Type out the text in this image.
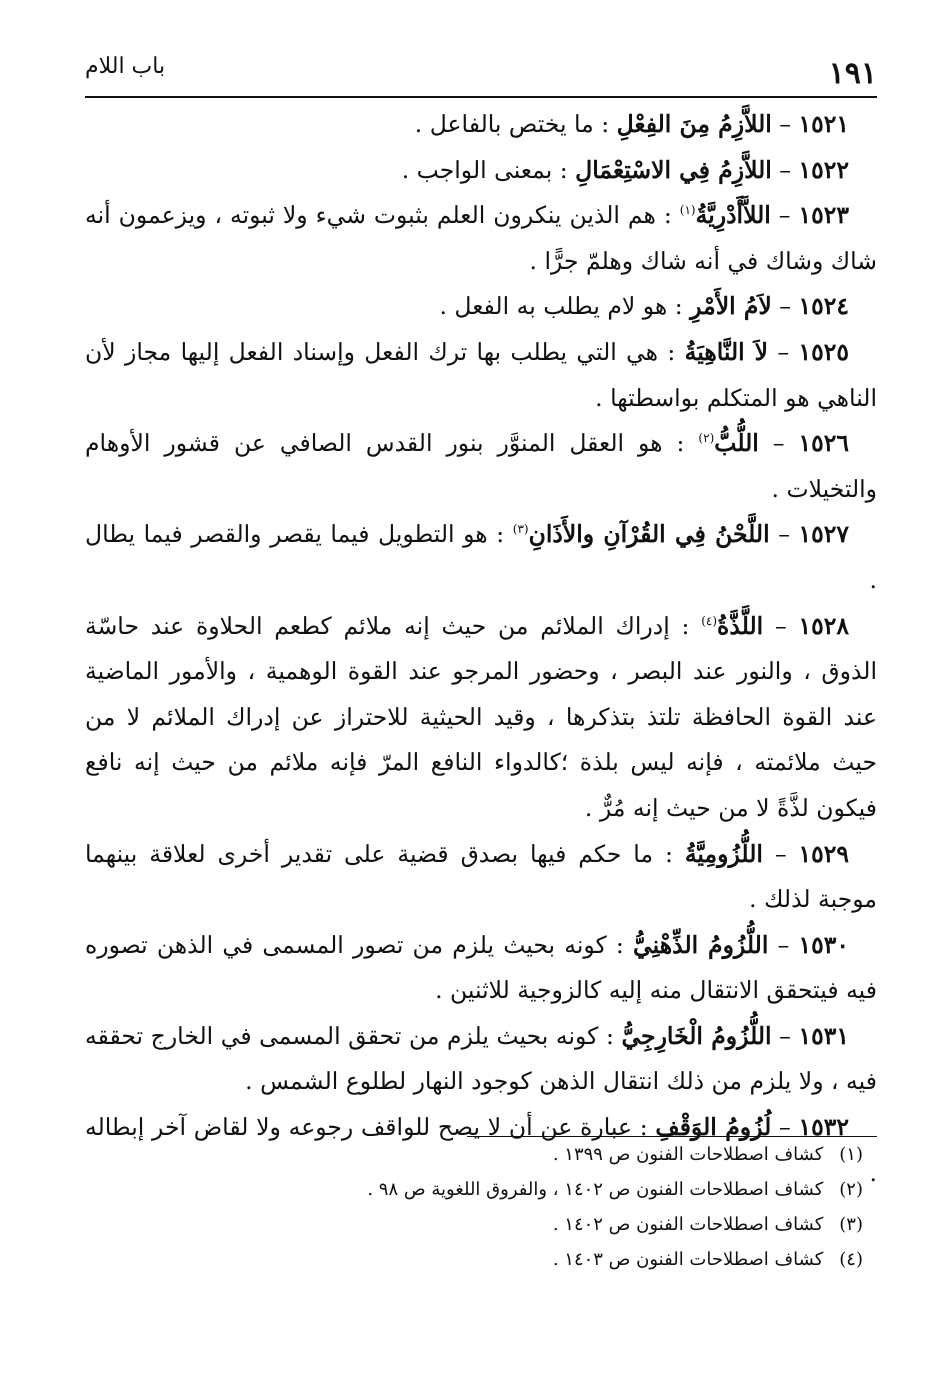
١٩١
باب اللام

١٥٢١ – اللاَّزِمُ مِنَ الفِعْلِ : ما يختص بالفاعل .

١٥٢٢ – اللاَّزِمُ فِي الاسْتِعْمَالِ : بمعنى الواجب .

١٥٢٣ – اللاَّأَدْرِيَّةُ$^{(١)}$ : هم الذين ينكرون العلم بثبوت شيء ولا ثبوته ، ويزعمون أنه شاك وشاك في أنه شاك وهلمّ جرًّا .

١٥٢٤ – لاَمُ الأَمْرِ : هو لام يطلب به الفعل .

١٥٢٥ – لاَ النَّاهِيَةُ : هي التي يطلب بها ترك الفعل وإسناد الفعل إليها مجاز لأن الناهي هو المتكلم بواسطتها .

١٥٢٦ – اللُّبُّ$^{(٢)}$ : هو العقل المنوَّر بنور القدس الصافي عن قشور الأوهام والتخيلات .

١٥٢٧ – اللَّحْنُ فِي القُرْآنِ والأَذَانِ$^{(٣)}$ : هو التطويل فيما يقصر والقصر فيما يطال .

١٥٢٨ – اللَّذَّةُ$^{(٤)}$ : إدراك الملائم من حيث إنه ملائم كطعم الحلاوة عند حاسّة الذوق ، والنور عند البصر ، وحضور المرجو عند القوة الوهمية ، والأمور الماضية عند القوة الحافظة تلتذ بتذكرها ، وقيد الحيثية للاحتراز عن إدراك الملائم لا من حيث ملائمته ، فإنه ليس بلذة ؛كالدواء النافع المرّ فإنه ملائم من حيث إنه نافع فيكون لذَّةً لا من حيث إنه مُرٌّ .

١٥٢٩ – اللُّزُومِيَّةُ : ما حكم فيها بصدق قضية على تقدير أخرى لعلاقة بينهما موجبة لذلك .

١٥٣٠ – اللُّزُومُ الذِّهْنِيُّ : كونه بحيث يلزم من تصور المسمى في الذهن تصوره فيه فيتحقق الانتقال منه إليه كالزوجية للاثنين .

١٥٣١ – اللُّزُومُ الْخَارِجِيُّ : كونه بحيث يلزم من تحقق المسمى في الخارج تحققه فيه ، ولا يلزم من ذلك انتقال الذهن كوجود النهار لطلوع الشمس .

١٥٣٢ – لُزُومُ الوَقْفِ : عبارة عن أن لا يصح للواقف رجوعه ولا لقاض آخر إبطاله .

(١) كشاف اصطلاحات الفنون ص ١٣٩٩ .
(٢) كشاف اصطلاحات الفنون ص ١٤٠٢ ، والفروق اللغوية ص ٩٨ .
(٣) كشاف اصطلاحات الفنون ص ١٤٠٢ .
(٤) كشاف اصطلاحات الفنون ص ١٤٠٣ .
